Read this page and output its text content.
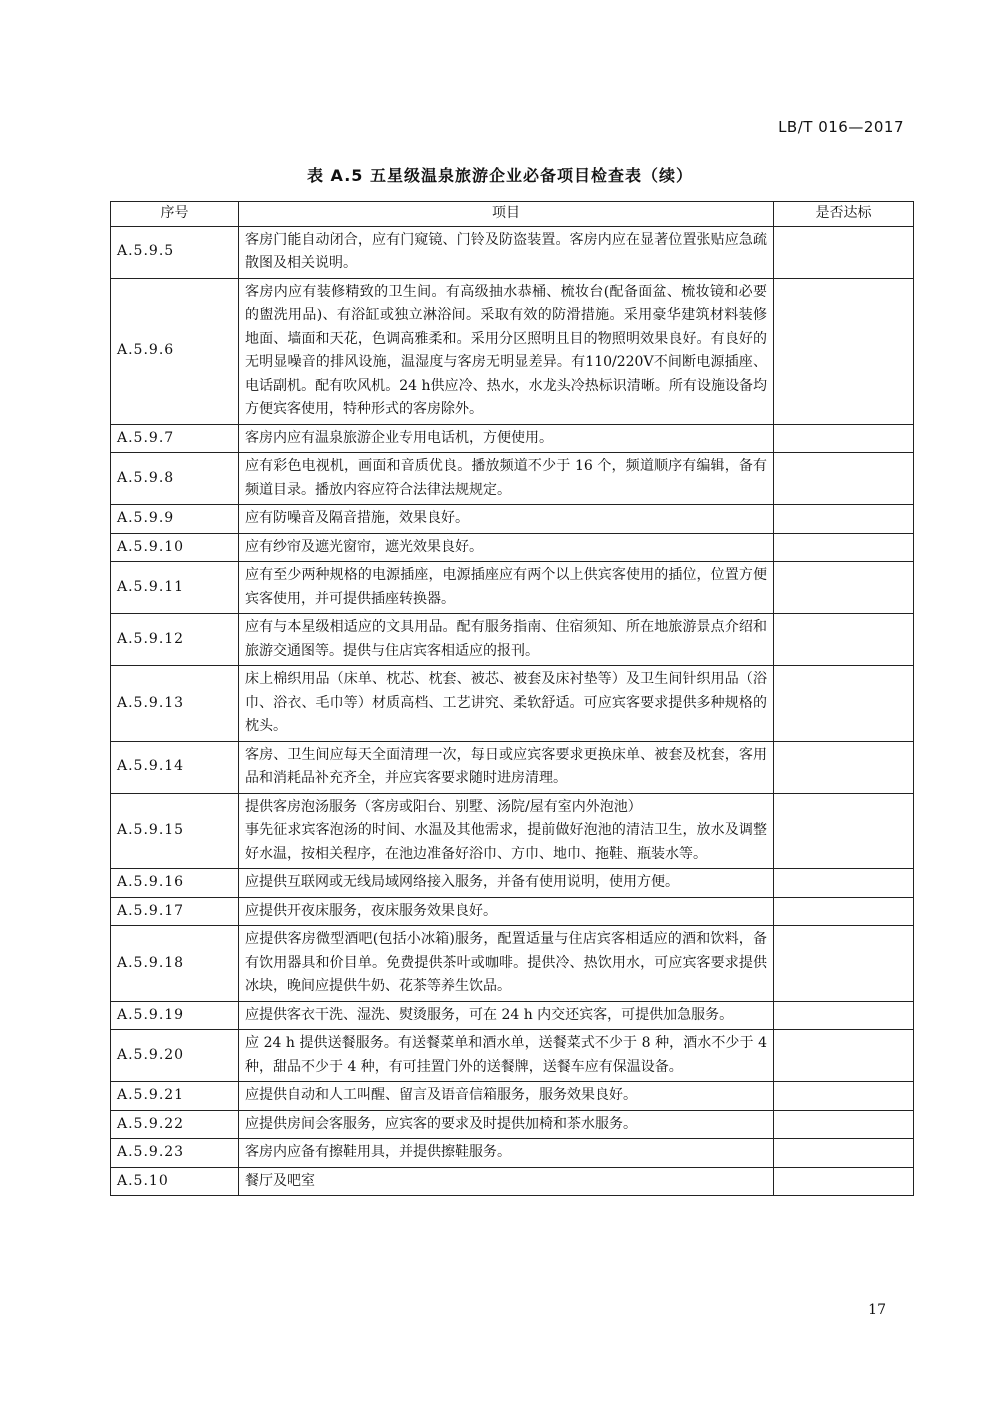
LB/T 016—2017
表 A.5 五星级温泉旅游企业必备项目检查表（续）
序号	项目	是否达标
A.5.9.5	客房门能自动闭合，应有门窥镜、门铃及防盗装置。客房内应在显著位置张贴应急疏散图及相关说明。	
A.5.9.6	客房内应有装修精致的卫生间。有高级抽水恭桶、梳妆台(配备面盆、梳妆镜和必要的盥洗用品)、有浴缸或独立淋浴间。采取有效的防滑措施。采用豪华建筑材料装修地面、墙面和天花，色调高雅柔和。采用分区照明且目的物照明效果良好。有良好的无明显噪音的排风设施，温湿度与客房无明显差异。有110/220V不间断电源插座、电话副机。配有吹风机。24 h供应冷、热水，水龙头冷热标识清晰。所有设施设备均方便宾客使用，特种形式的客房除外。	
A.5.9.7	客房内应有温泉旅游企业专用电话机，方便使用。	
A.5.9.8	应有彩色电视机，画面和音质优良。播放频道不少于 16 个，频道顺序有编辑，备有频道目录。播放内容应符合法律法规规定。	
A.5.9.9	应有防噪音及隔音措施，效果良好。	
A.5.9.10	应有纱帘及遮光窗帘，遮光效果良好。	
A.5.9.11	应有至少两种规格的电源插座，电源插座应有两个以上供宾客使用的插位，位置方便宾客使用，并可提供插座转换器。	
A.5.9.12	应有与本星级相适应的文具用品。配有服务指南、住宿须知、所在地旅游景点介绍和旅游交通图等。提供与住店宾客相适应的报刊。	
A.5.9.13	床上棉织用品（床单、枕芯、枕套、被芯、被套及床衬垫等）及卫生间针织用品（浴巾、浴衣、毛巾等）材质高档、工艺讲究、柔软舒适。可应宾客要求提供多种规格的枕头。	
A.5.9.14	客房、卫生间应每天全面清理一次，每日或应宾客要求更换床单、被套及枕套，客用品和消耗品补充齐全，并应宾客要求随时进房清理。	
A.5.9.15	提供客房泡汤服务（客房或阳台、别墅、汤院/屋有室内外泡池）
事先征求宾客泡汤的时间、水温及其他需求，提前做好泡池的清洁卫生，放水及调整好水温，按相关程序，在池边准备好浴巾、方巾、地巾、拖鞋、瓶装水等。	
A.5.9.16	应提供互联网或无线局域网络接入服务，并备有使用说明，使用方便。	
A.5.9.17	应提供开夜床服务，夜床服务效果良好。	
A.5.9.18	应提供客房微型酒吧(包括小冰箱)服务，配置适量与住店宾客相适应的酒和饮料，备有饮用器具和价目单。免费提供茶叶或咖啡。提供冷、热饮用水，可应宾客要求提供冰块，晚间应提供牛奶、花茶等养生饮品。	
A.5.9.19	应提供客衣干洗、湿洗、熨烫服务，可在 24 h 内交还宾客，可提供加急服务。	
A.5.9.20	应 24 h 提供送餐服务。有送餐菜单和酒水单，送餐菜式不少于 8 种，酒水不少于 4 种，甜品不少于 4 种，有可挂置门外的送餐牌，送餐车应有保温设备。	
A.5.9.21	应提供自动和人工叫醒、留言及语音信箱服务，服务效果良好。	
A.5.9.22	应提供房间会客服务，应宾客的要求及时提供加椅和茶水服务。	
A.5.9.23	客房内应备有擦鞋用具，并提供擦鞋服务。	
A.5.10	餐厅及吧室	
17
